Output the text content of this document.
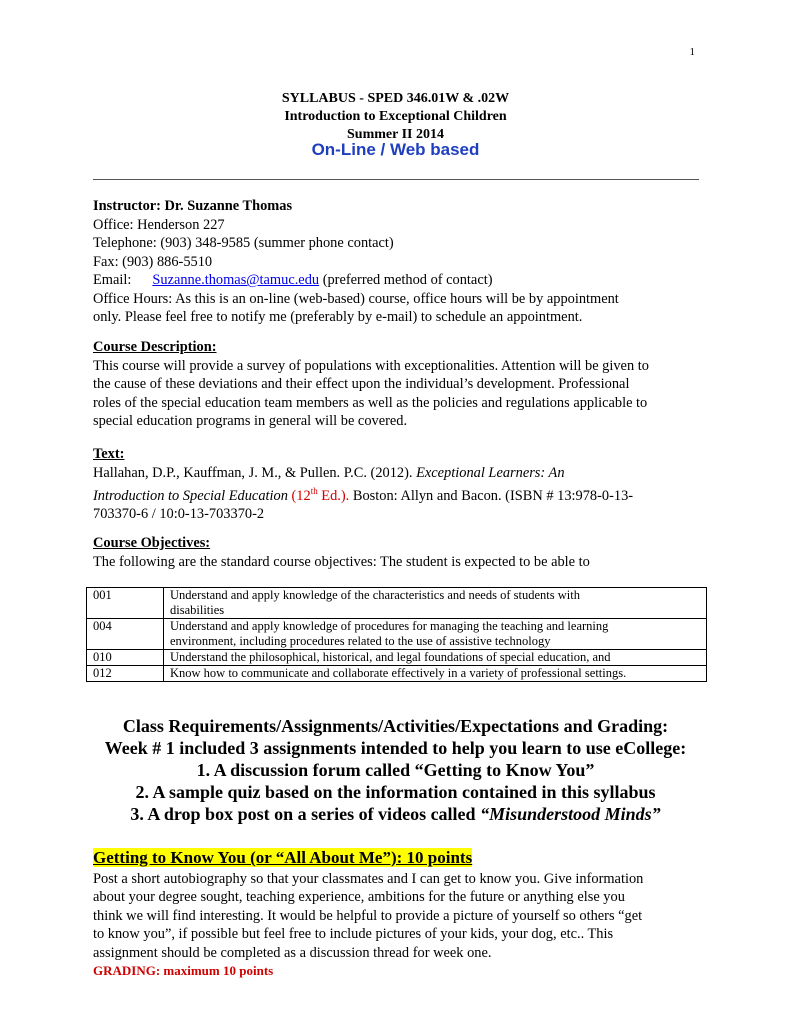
1
SYLLABUS - SPED 346.01W & .02W
Introduction to Exceptional Children
Summer II 2014
On-Line / Web based
Instructor: Dr. Suzanne Thomas
Office: Henderson 227
Telephone: (903) 348-9585 (summer phone contact)
Fax: (903) 886-5510
Email: Suzanne.thomas@tamuc.edu (preferred method of contact)
Office Hours: As this is an on-line (web-based) course, office hours will be by appointment
only. Please feel free to notify me (preferably by e-mail) to schedule an appointment.
Course Description:
This course will provide a survey of populations with exceptionalities. Attention will be given to
the cause of these deviations and their effect upon the individual’s development. Professional
roles of the special education team members as well as the policies and regulations applicable to
special education programs in general will be covered.
Text:
Hallahan, D.P., Kauffman, J. M., & Pullen. P.C. (2012). Exceptional Learners: An
Introduction to Special Education (12th Ed.). Boston: Allyn and Bacon. (ISBN # 13:978-0-13-
703370-6 / 10:0-13-703370-2
Course Objectives:
The following are the standard course objectives: The student is expected to be able to
001	Understand and apply knowledge of the characteristics and needs of students with
disabilities

004	Understand and apply knowledge of procedures for managing the teaching and learning
environment, including procedures related to the use of assistive technology

010	Understand the philosophical, historical, and legal foundations of special education, and
012	Know how to communicate and collaborate effectively in a variety of professional settings.
Class Requirements/Assignments/Activities/Expectations and Grading:
Week # 1 included 3 assignments intended to help you learn to use eCollege:
1. A discussion forum called “Getting to Know You”
2. A sample quiz based on the information contained in this syllabus
3. A drop box post on a series of videos called “Misunderstood Minds”
Getting to Know You (or “All About Me”): 10 points
Post a short autobiography so that your classmates and I can get to know you. Give information
about your degree sought, teaching experience, ambitions for the future or anything else you
think we will find interesting. It would be helpful to provide a picture of yourself so others “get
to know you”, if possible but feel free to include pictures of your kids, your dog, etc.. This
assignment should be completed as a discussion thread for week one.
GRADING: maximum 10 points
